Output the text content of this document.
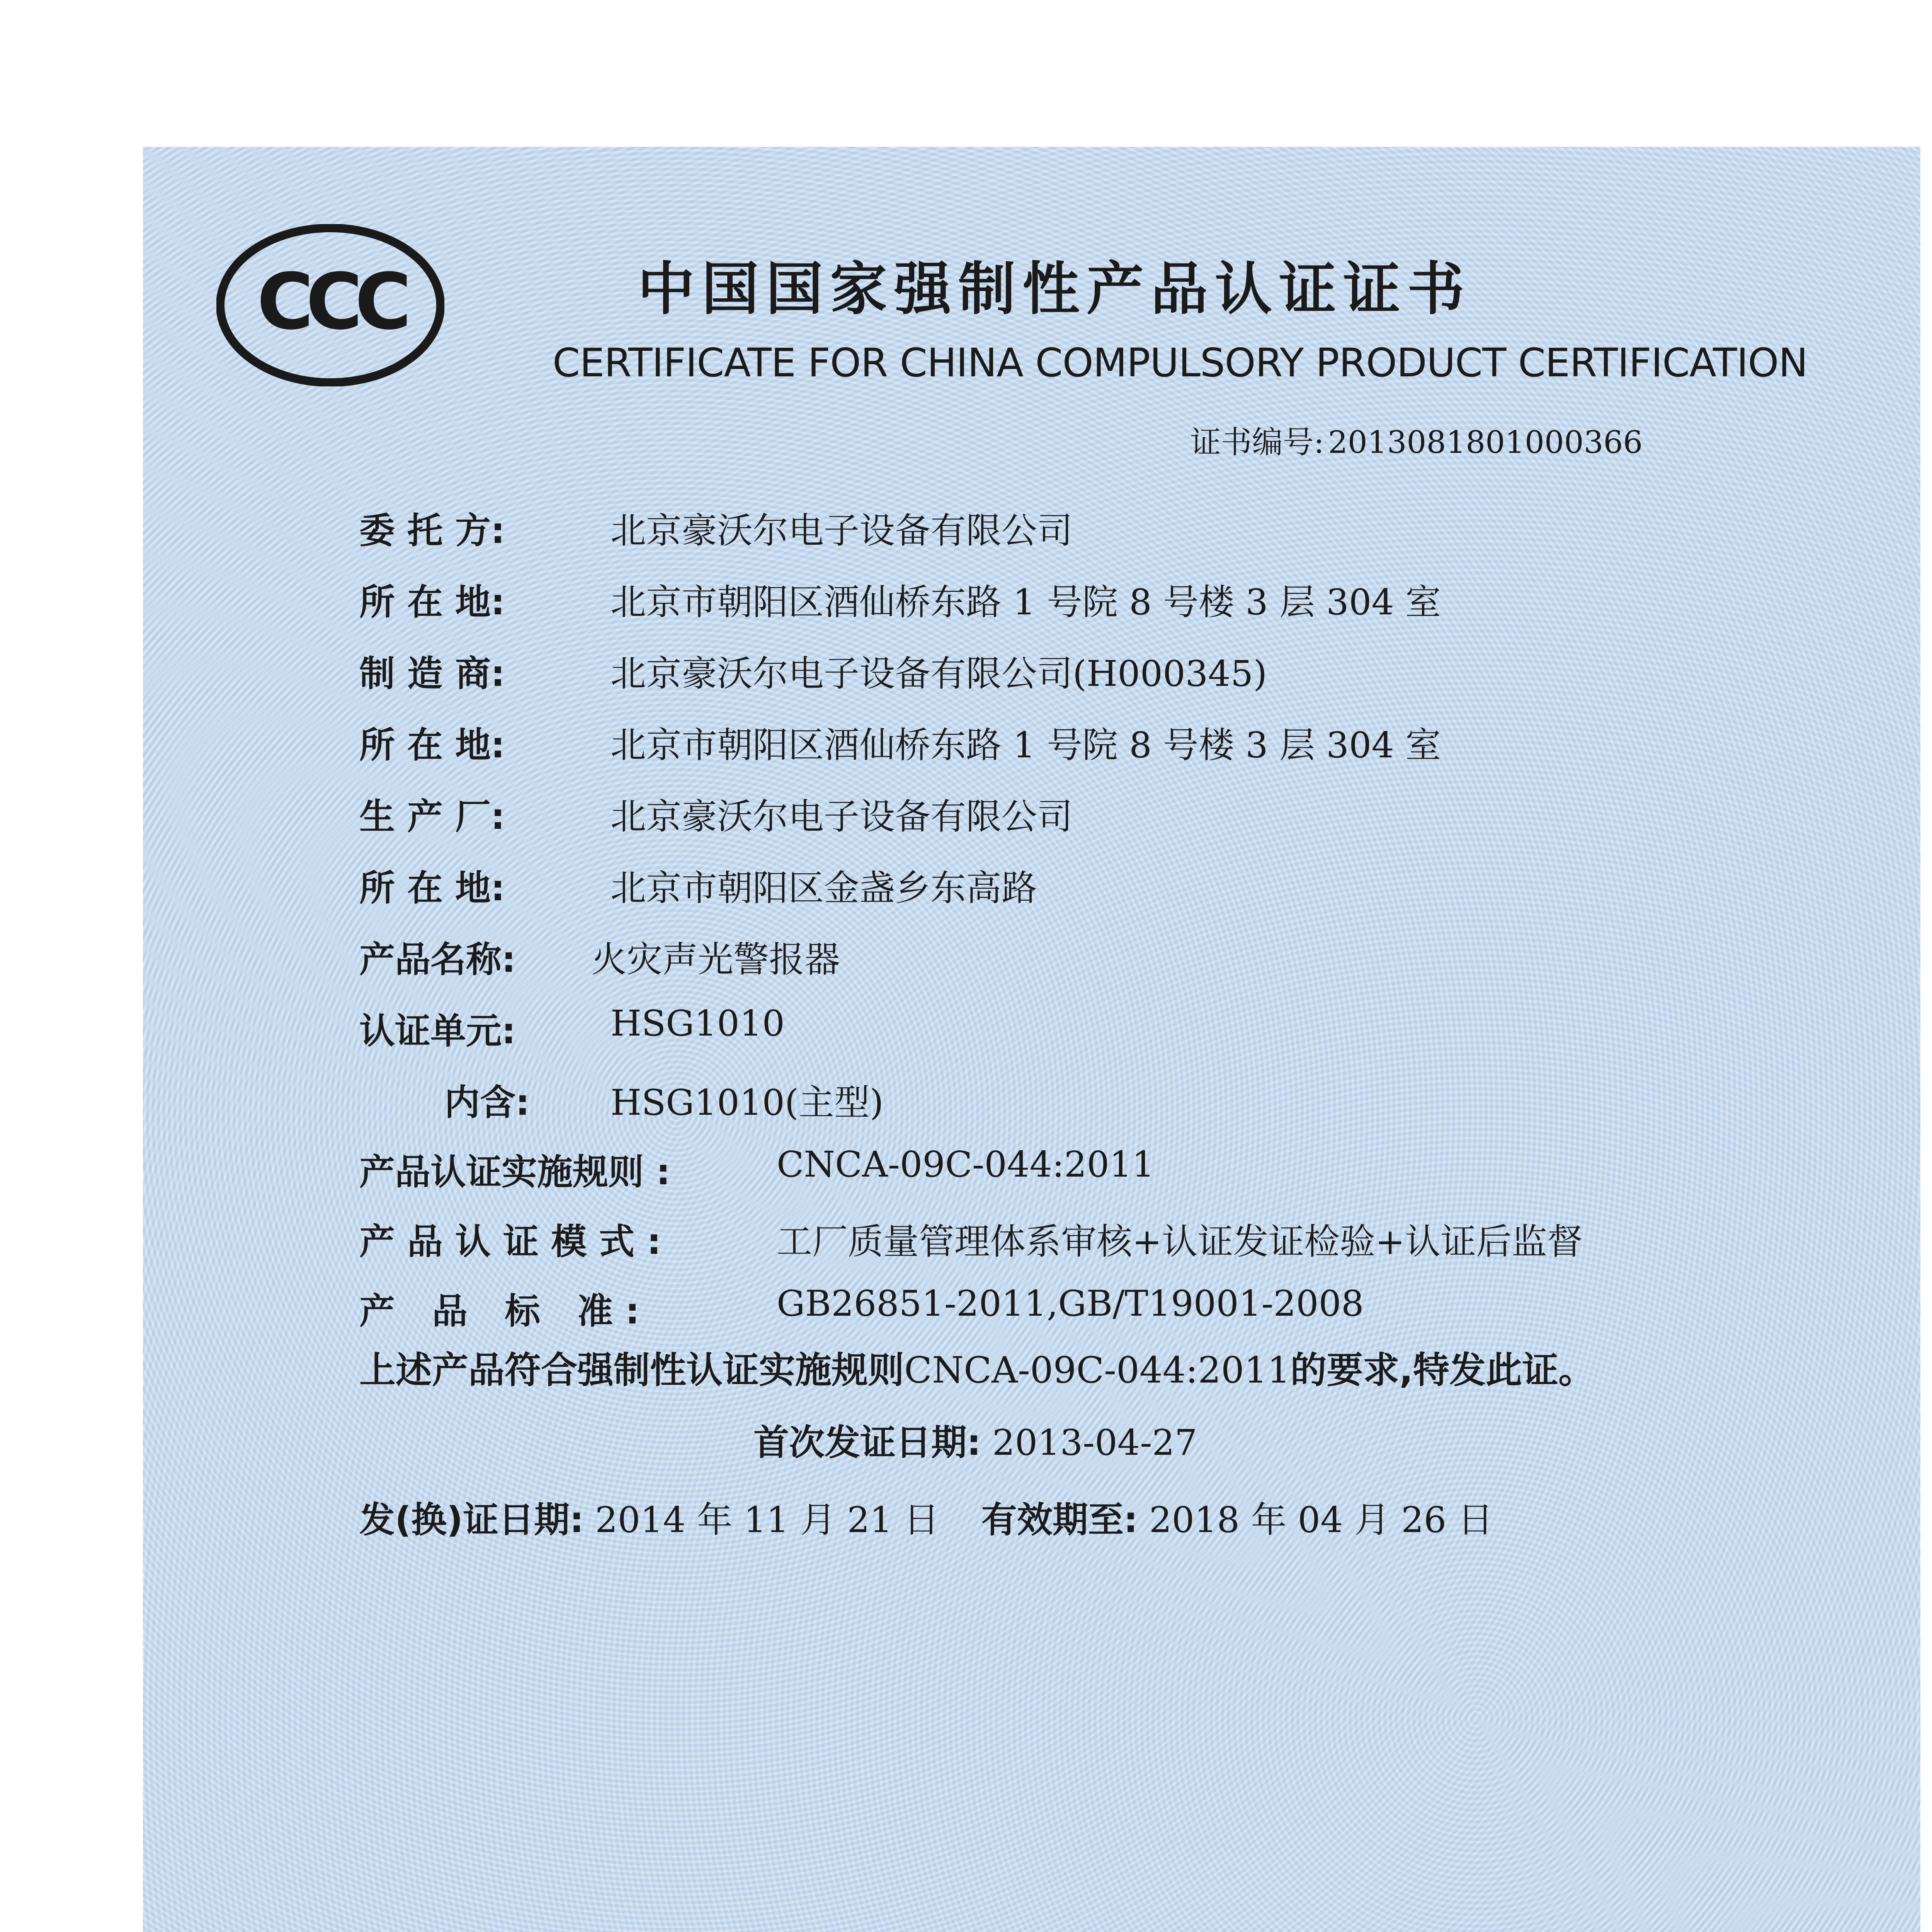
CCC	中国国家强制性产品认证证书
CERTIFICATE FOR CHINA COMPULSORY PRODUCT CERTIFICATION
证书编号: 2013081801000366
委 托 方:	北京豪沃尔电子设备有限公司
所 在 地:	北京市朝阳区酒仙桥东路 1 号院 8 号楼 3 层 304 室
制 造 商:	北京豪沃尔电子设备有限公司(H000345)
所 在 地:	北京市朝阳区酒仙桥东路 1 号院 8 号楼 3 层 304 室
生 产 厂:	北京豪沃尔电子设备有限公司
所 在 地:	北京市朝阳区金盏乡东高路
产品名称: 火灾声光警报器
认证单元:	HSG1010
内含: HSG1010(主型)
产品认证实施规则 :	CNCA-09C-044:2011
产 品 认 证 模 式 :	工厂质量管理体系审核+认证发证检验+认证后监督
产   品   标   准 :	GB26851-2011,GB/T19001-2008
上述产品符合强制性认证实施规则CNCA-09C-044:2011的要求,特发此证。
首次发证日期: 2013-04-27
发(换)证日期: 2014 年 11 月 21 日 有效期至: 2018 年 04 月 26 日
